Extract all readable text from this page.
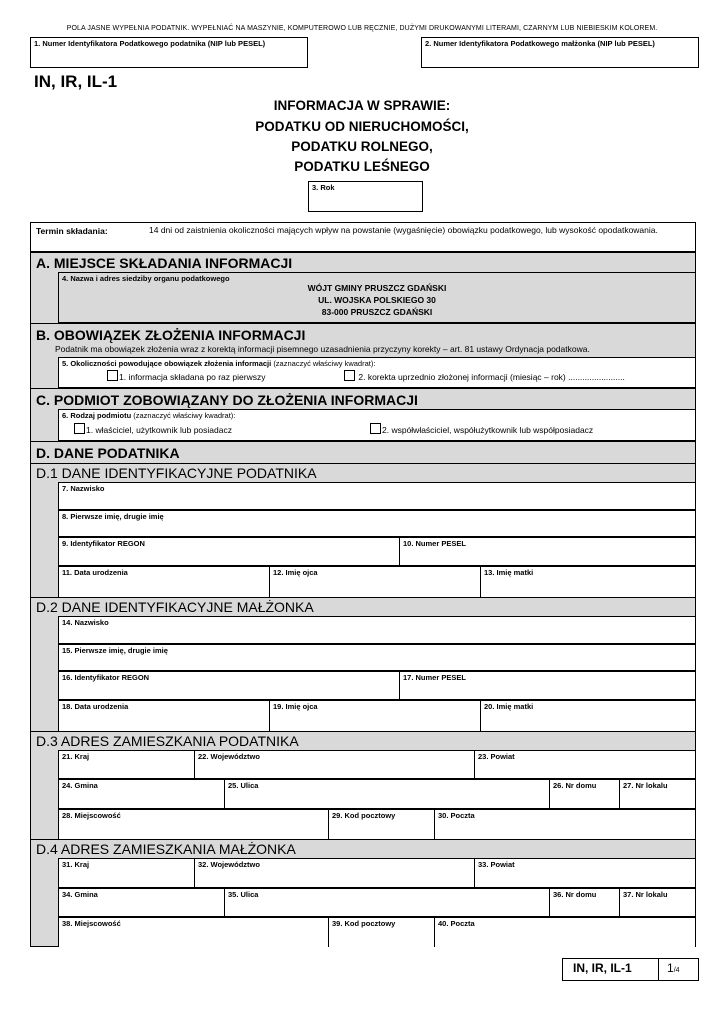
POLA JASNE WYPEŁNIA PODATNIK. WYPEŁNIAĆ NA MASZYNIE, KOMPUTEROWO LUB RĘCZNIE, DUŻYMI DRUKOWANYMI LITERAMI, CZARNYM LUB NIEBIESKIM KOLOREM.
1. Numer Identyfikatora Podatkowego podatnika (NIP lub PESEL)	2. Numer Identyfikatora Podatkowego małżonka (NIP lub PESEL)
IN, IR, IL-1
INFORMACJA W SPRAWIE:
PODATKU OD NIERUCHOMOŚCI,
PODATKU ROLNEGO,
PODATKU LEŚNEGO
3. Rok
Termin składania:	14 dni od zaistnienia okoliczności mających wpływ na powstanie (wygaśnięcie) obowiązku podatkowego, lub wysokość opodatkowania.
A. MIEJSCE SKŁADANIA INFORMACJI
4. Nazwa i adres siedziby organu podatkowego
WÓJT GMINY PRUSZCZ GDAŃSKI
UL. WOJSKA POLSKIEGO 30
83-000 PRUSZCZ GDAŃSKI
B. OBOWIĄZEK ZŁOŻENIA INFORMACJI
Podatnik ma obowiązek złożenia wraz z korektą informacji pisemnego uzasadnienia przyczyny korekty – art. 81 ustawy Ordynacja podatkowa.
5. Okoliczności powodujące obowiązek złożenia informacji (zaznaczyć właściwy kwadrat):
1. informacja składana po raz pierwszy	2. korekta uprzednio złożonej informacji (miesiąc – rok) ........................
C. PODMIOT ZOBOWIĄZANY DO ZŁOŻENIA INFORMACJI
6. Rodzaj podmiotu (zaznaczyć właściwy kwadrat):
1. właściciel, użytkownik lub posiadacz	2. współwłaściciel, współużytkownik lub współposiadacz
D. DANE PODATNIKA
D.1 DANE IDENTYFIKACYJNE PODATNIKA
7. Nazwisko
8. Pierwsze imię, drugie imię
9. Identyfikator REGON	10. Numer PESEL
11. Data urodzenia	12. Imię ojca	13. Imię matki
D.2 DANE IDENTYFIKACYJNE MAŁŻONKA
14. Nazwisko
15. Pierwsze imię, drugie imię
16. Identyfikator REGON	17. Numer PESEL
18. Data urodzenia	19. Imię ojca	20. Imię matki
D.3 ADRES ZAMIESZKANIA PODATNIKA
21. Kraj	22. Województwo	23. Powiat
24. Gmina	25. Ulica	26. Nr domu	27. Nr lokalu
28. Miejscowość	29. Kod pocztowy	30. Poczta
D.4 ADRES ZAMIESZKANIA MAŁŻONKA
31. Kraj	32. Województwo	33. Powiat
34. Gmina	35. Ulica	36. Nr domu	37. Nr lokalu
38. Miejscowość	39. Kod pocztowy	40. Poczta
IN, IR, IL-1	1/4
